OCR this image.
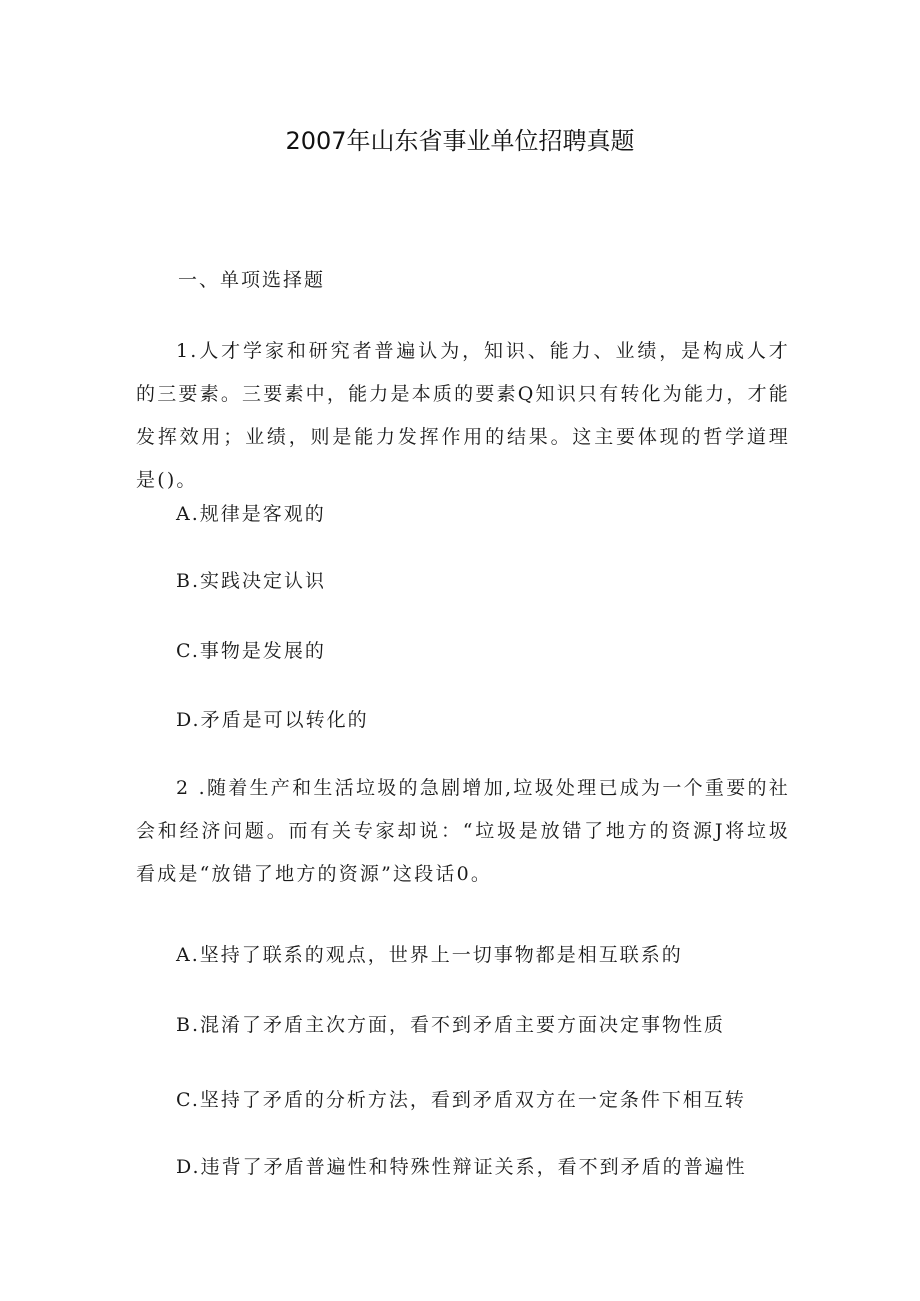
2007年山东省事业单位招聘真题
一、单项选择题
1.人才学家和研究者普遍认为，知识、能力、业绩，是构成人才的三要素。三要素中，能力是本质的要素Q知识只有转化为能力，才能发挥效用；业绩，则是能力发挥作用的结果。这主要体现的哲学道理是()。
A.规律是客观的
B.实践决定认识
C.事物是发展的
D.矛盾是可以转化的
2 .随着生产和生活垃圾的急剧增加,垃圾处理已成为一个重要的社会和经济问题。而有关专家却说：“垃圾是放错了地方的资源J将垃圾看成是“放错了地方的资源”这段话0。
A.坚持了联系的观点，世界上一切事物都是相互联系的
B.混淆了矛盾主次方面，看不到矛盾主要方面决定事物性质
C.坚持了矛盾的分析方法，看到矛盾双方在一定条件下相互转
D.违背了矛盾普遍性和特殊性辩证关系，看不到矛盾的普遍性
